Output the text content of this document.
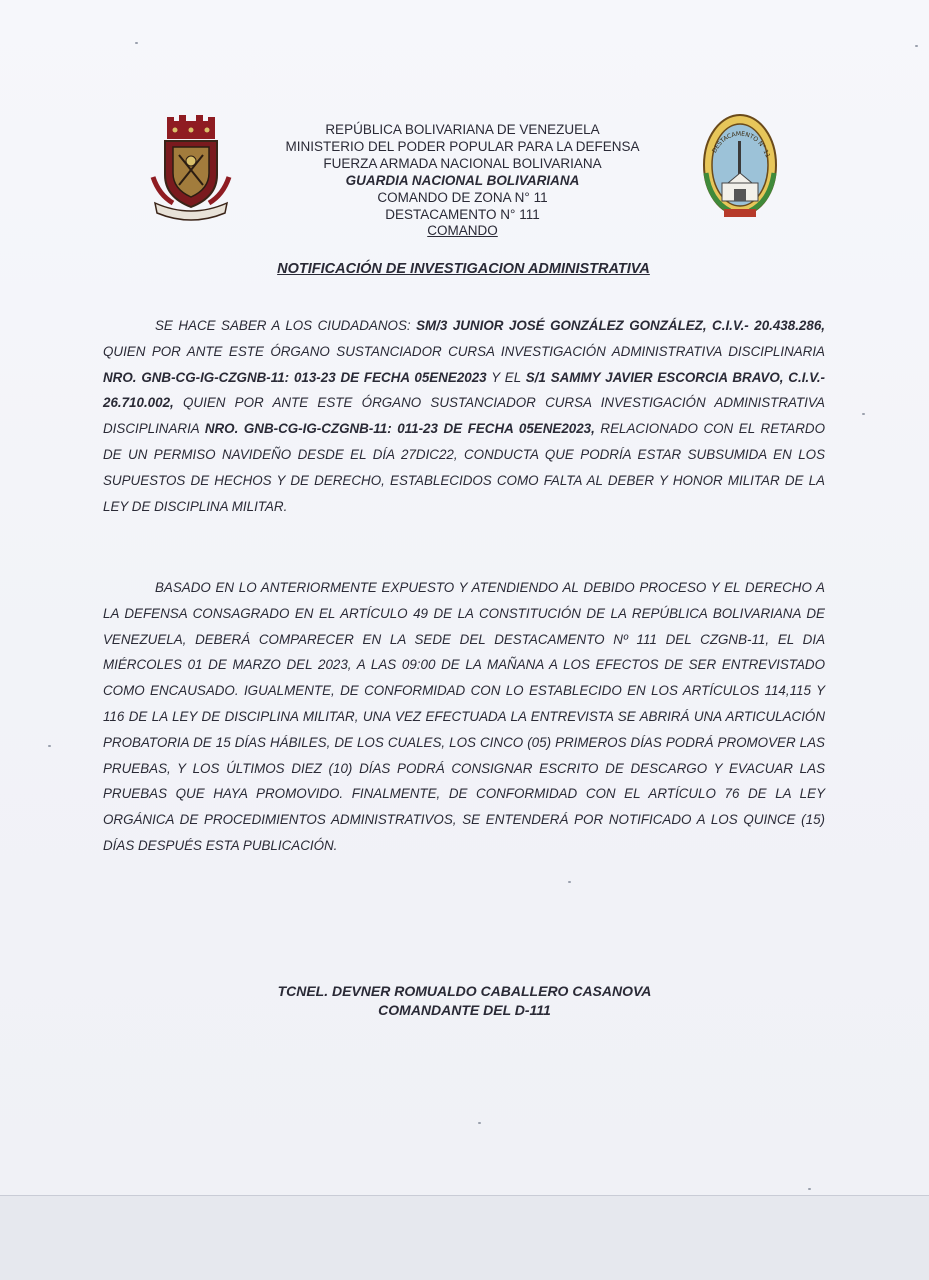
REPÚBLICA BOLIVARIANA DE VENEZUELA
MINISTERIO DEL PODER POPULAR PARA LA DEFENSA
FUERZA ARMADA NACIONAL BOLIVARIANA
GUARDIA NACIONAL BOLIVARIANA
COMANDO DE ZONA N° 11
DESTACAMENTO N° 111
COMANDO
DESTACAMENTO N° 11
NOTIFICACIÓN DE INVESTIGACION ADMINISTRATIVA

SE HACE SABER A LOS CIUDADANOS: SM/3 JUNIOR JOSÉ GONZÁLEZ GONZÁLEZ, C.I.V.- 20.438.286, QUIEN POR ANTE ESTE ÓRGANO SUSTANCIADOR CURSA INVESTIGACIÓN ADMINISTRATIVA DISCIPLINARIA NRO. GNB-CG-IG-CZGNB-11: 013-23 DE FECHA 05ENE2023 Y EL S/1 SAMMY JAVIER ESCORCIA BRAVO, C.I.V.- 26.710.002, QUIEN POR ANTE ESTE ÓRGANO SUSTANCIADOR CURSA INVESTIGACIÓN ADMINISTRATIVA DISCIPLINARIA NRO. GNB-CG-IG-CZGNB-11: 011-23 DE FECHA 05ENE2023, RELACIONADO CON EL RETARDO DE UN PERMISO NAVIDEÑO DESDE EL DÍA 27DIC22, CONDUCTA QUE PODRÍA ESTAR SUBSUMIDA EN LOS SUPUESTOS DE HECHOS Y DE DERECHO, ESTABLECIDOS COMO FALTA AL DEBER Y HONOR MILITAR DE LA LEY DE DISCIPLINA MILITAR.

BASADO EN LO ANTERIORMENTE EXPUESTO Y ATENDIENDO AL DEBIDO PROCESO Y EL DERECHO A LA DEFENSA CONSAGRADO EN EL ARTÍCULO 49 DE LA CONSTITUCIÓN DE LA REPÚBLICA BOLIVARIANA DE VENEZUELA, DEBERÁ COMPARECER EN LA SEDE DEL DESTACAMENTO Nº 111 DEL CZGNB-11, EL DIA MIÉRCOLES 01 DE MARZO DEL 2023, A LAS 09:00 DE LA MAÑANA A LOS EFECTOS DE SER ENTREVISTADO COMO ENCAUSADO. IGUALMENTE, DE CONFORMIDAD CON LO ESTABLECIDO EN LOS ARTÍCULOS 114,115 Y 116 DE LA LEY DE DISCIPLINA MILITAR, UNA VEZ EFECTUADA LA ENTREVISTA SE ABRIRÁ UNA ARTICULACIÓN PROBATORIA DE 15 DÍAS HÁBILES, DE LOS CUALES, LOS CINCO (05) PRIMEROS DÍAS PODRÁ PROMOVER LAS PRUEBAS, Y LOS ÚLTIMOS DIEZ (10) DÍAS PODRÁ CONSIGNAR ESCRITO DE DESCARGO Y EVACUAR LAS PRUEBAS QUE HAYA PROMOVIDO. FINALMENTE, DE CONFORMIDAD CON EL ARTÍCULO 76 DE LA LEY ORGÁNICA DE PROCEDIMIENTOS ADMINISTRATIVOS, SE ENTENDERÁ POR NOTIFICADO A LOS QUINCE (15) DÍAS DESPUÉS ESTA PUBLICACIÓN.

TCNEL. DEVNER ROMUALDO CABALLERO CASANOVA
COMANDANTE DEL D-111
